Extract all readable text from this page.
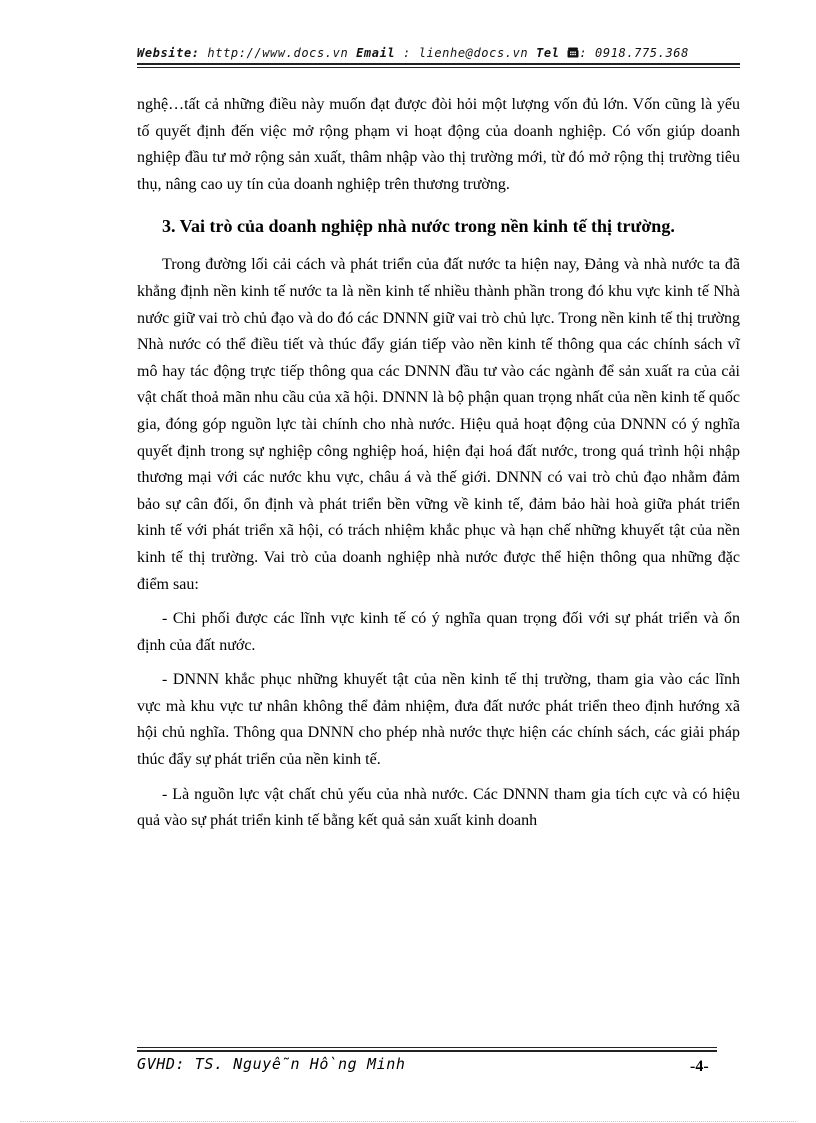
Website: http://www.docs.vn Email : lienhe@docs.vn Tel : 0918.775.368

nghệ…tất cả những điều này muốn đạt được đòi hỏi một lượng vốn đủ lớn. Vốn cũng là yếu tố quyết định đến việc mở rộng phạm vi hoạt động của doanh nghiệp. Có vốn giúp doanh nghiệp đầu tư mở rộng sản xuất, thâm nhập vào thị trường mới, từ đó mở rộng thị trường tiêu thụ, nâng cao uy tín của doanh nghiệp trên thương trường.

3. Vai trò của doanh nghiệp nhà nước trong nền kinh tế thị trường.

Trong đường lối cải cách và phát triển của đất nước ta hiện nay, Đảng và nhà nước ta đã khẳng định nền kinh tế nước ta là nền kinh tế nhiều thành phần trong đó khu vực kinh tế Nhà nước giữ vai trò chủ đạo và do đó các DNNN giữ vai trò chủ lực. Trong nền kinh tế thị trường Nhà nước có thể điều tiết và thúc đẩy gián tiếp vào nền kinh tế thông qua các chính sách vĩ mô hay tác động trực tiếp thông qua các DNNN đầu tư vào các ngành để sản xuất ra của cải vật chất thoả mãn nhu cầu của xã hội. DNNN là bộ phận quan trọng nhất của nền kinh tế quốc gia, đóng góp nguồn lực tài chính cho nhà nước. Hiệu quả hoạt động của DNNN có ý nghĩa quyết định trong sự nghiệp công nghiệp hoá, hiện đại hoá đất nước, trong quá trình hội nhập thương mại với các nước khu vực, châu á và thế giới. DNNN có vai trò chủ đạo nhằm đảm bảo sự cân đối, ổn định và phát triển bền vững về kinh tế, đảm bảo hài hoà giữa phát triển kinh tế với phát triển xã hội, có trách nhiệm khắc phục và hạn chế những khuyết tật của nền kinh tế thị trường. Vai trò của doanh nghiệp nhà nước được thể hiện thông qua những đặc điểm sau:

- Chi phối được các lĩnh vực kinh tế có ý nghĩa quan trọng đối với sự phát triển và ổn định của đất nước.

- DNNN khắc phục những khuyết tật của nền kinh tế thị trường, tham gia vào các lĩnh vực mà khu vực tư nhân không thể đảm nhiệm, đưa đất nước phát triển theo định hướng xã hội chủ nghĩa. Thông qua DNNN cho phép nhà nước thực hiện các chính sách, các giải pháp thúc đẩy sự phát triển của nền kinh tế.

- Là nguồn lực vật chất chủ yếu của nhà nước. Các DNNN tham gia tích cực và có hiệu quả vào sự phát triển kinh tế bằng kết quả sản xuất kinh doanh

GVHD: TS. Nguyễn Hồng Minh	-4-
